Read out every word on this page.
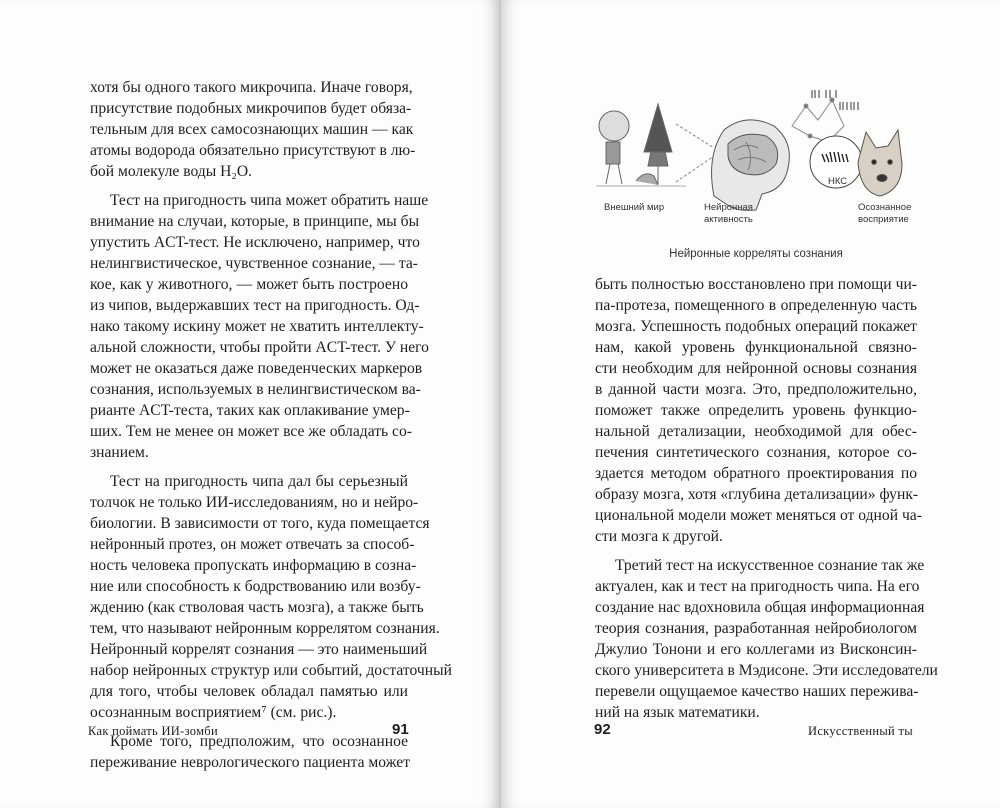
хотя бы одного такого микрочипа. Иначе говоря,
присутствие подобных микрочипов будет обяза-
тельным для всех самосознающих машин — как
атомы водорода обязательно присутствуют в лю-
бой молекуле воды H₂O.
Тест на пригодность чипа может обратить наше
внимание на случаи, которые, в принципе, мы бы
упустить ACT-тест. Не исключено, например, что
нелингвистическое, чувственное сознание, — та-
кое, как у животного, — может быть построено
из чипов, выдержавших тест на пригодность. Од-
нако такому искину может не хватить интеллекту-
альной сложности, чтобы пройти ACT-тест. У него
может не оказаться даже поведенческих маркеров
сознания, используемых в нелингвистическом ва-
рианте ACT-теста, таких как оплакивание умер-
ших. Тем не менее он может все же обладать со-
знанием.
Тест на пригодность чипа дал бы серьезный
толчок не только ИИ-исследованиям, но и нейро-
биологии. В зависимости от того, куда помещается
нейронный протез, он может отвечать за способ-
ность человека пропускать информацию в созна-
ние или способность к бодрствованию или возбу-
ждению (как стволовая часть мозга), а также быть
тем, что называют нейронным коррелятом сознания.
Нейронный коррелят сознания — это наименьший
набор нейронных структур или событий, достаточный
для того, чтобы человек обладал памятью или
осознанным восприятием⁷ (см. рис.).
Кроме того, предположим, что осознанное
переживание неврологического пациента может
Внешний мир	Нейронная
активность
НКС
Осознанное
восприятие
Нейронные корреляты сознания
быть полностью восстановлено при помощи чи-
па-протеза, помещенного в определенную часть
мозга. Успешность подобных операций покажет
нам, какой уровень функциональной связно-
сти необходим для нейронной основы сознания
в данной части мозга. Это, предположительно,
поможет также определить уровень функцио-
нальной детализации, необходимой для обес-
печения синтетического сознания, которое со-
здается методом обратного проектирования по
образу мозга, хотя «глубина детализации» функ-
циональной модели может меняться от одной ча-
сти мозга к другой.
Третий тест на искусственное сознание так же
актуален, как и тест на пригодность чипа. На его
создание нас вдохновила общая информационная
теория сознания, разработанная нейробиологом
Джулио Тонони и его коллегами из Висконсин-
ского университета в Мэдисоне. Эти исследователи
перевели ощущаемое качество наших пережива-
ний на язык математики.
Как поймать ИИ-зомби	91	92	Искусственный ты
